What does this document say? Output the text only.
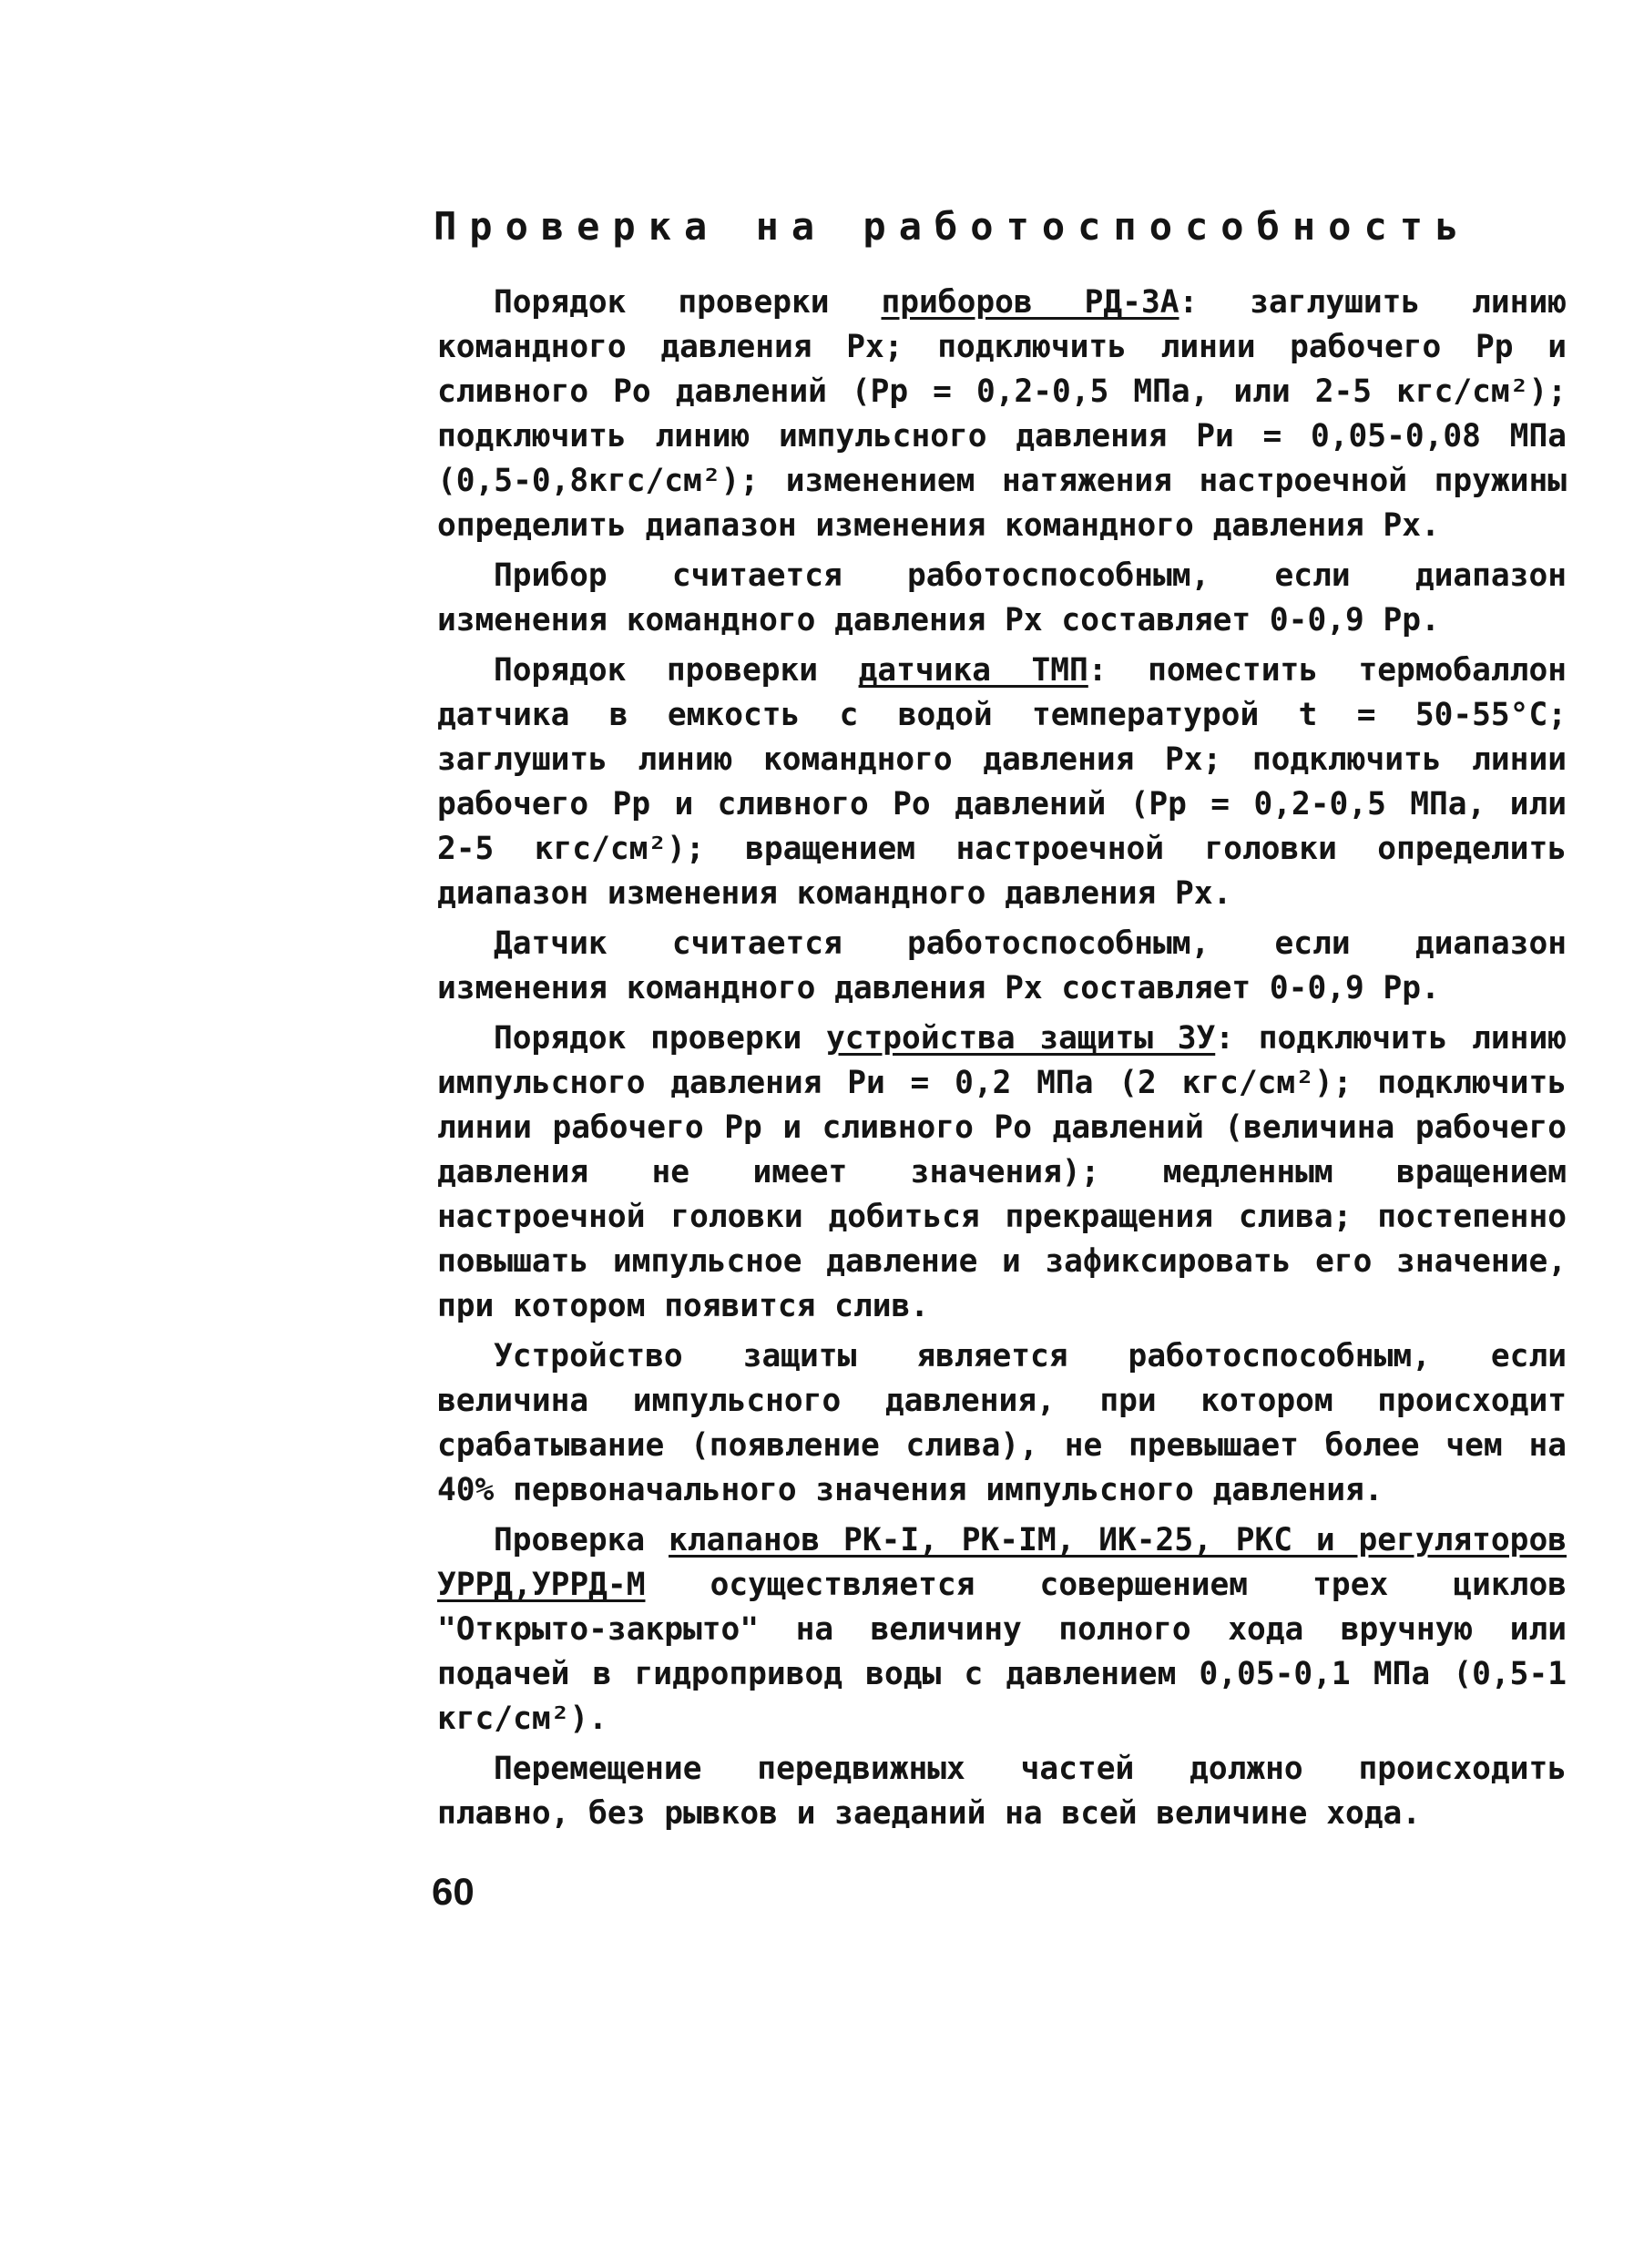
Проверка на работоспособность

Порядок проверки приборов РД-3А: заглушить линию командного давления Рх; подключить линии рабочего Рр и сливного Ро давлений (Рр = 0,2-0,5 МПа, или 2-5 кгс/см²); подключить линию импульсного давления Ри = 0,05-0,08 МПа (0,5-0,8кгс/см²); изменением натяжения настроечной пружины определить диапазон изменения командного давления Рх.

Прибор считается работоспособным, если диапазон изменения командного давления Рх составляет 0-0,9 Рр.

Порядок проверки датчика ТМП: поместить термобаллон датчика в емкость с водой температурой t = 50-55°С; заглушить линию командного давления Рх; подключить линии рабочего Рр и сливного Ро давлений (Рр = 0,2-0,5 МПа, или 2-5 кгс/см²); вращением настроечной головки определить диапазон изменения командного давления Рх.

Датчик считается работоспособным, если диапазон изменения командного давления Рх составляет 0-0,9 Рр.

Порядок проверки устройства защиты ЗУ: подключить линию импульсного давления Ри = 0,2 МПа (2 кгс/см²); подключить линии рабочего Рр и сливного Ро давлений (величина рабочего давления не имеет значения); медленным вращением настроечной головки добиться прекращения слива; постепенно повышать импульсное давление и зафиксировать его значение, при котором появится слив.

Устройство защиты является работоспособным, если величина импульсного давления, при котором происходит срабатывание (появление слива), не превышает более чем на 40% первоначального значения импульсного давления.

Проверка клапанов РК-I, РК-IМ, ИК-25, РКС и регуляторов УРРД,УРРД-М осуществляется совершением трех циклов "Открыто-закрыто" на величину полного хода вручную или подачей в гидропривод воды с давлением 0,05-0,1 МПа (0,5-1 кгс/см²).

Перемещение передвижных частей должно происходить плавно, без рывков и заеданий на всей величине хода.

60
